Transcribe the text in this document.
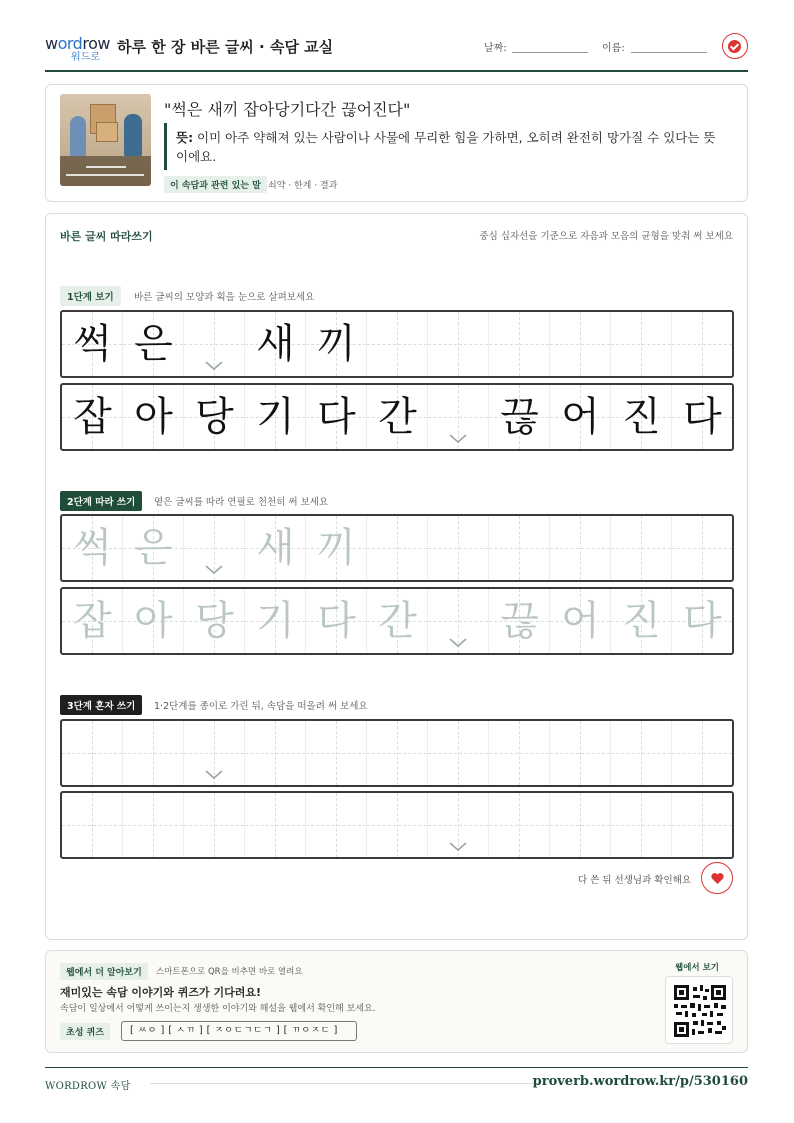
wordrow
워드로
하루 한 장 바른 글씨 · 속담 교실	날짜:	이름:
"썩은 새끼 잡아당기다간 끊어진다"
뜻: 이미 아주 약해져 있는 사람이나 사물에 무리한 힘을 가하면, 오히려 완전히 망가질 수 있다는 뜻이에요.
이 속담과 관련 있는 말 쇠약 · 한계 · 결과
바른 글씨 따라쓰기	중심 십자선을 기준으로 자음과 모음의 균형을 맞춰 써 보세요
1단계 보기	바른 글씨의 모양과 획을 눈으로 살펴보세요
썩 은 새 끼
잡 아 당 기 다 간 끊 어 진 다
2단계 따라 쓰기	옅은 글씨를 따라 연필로 천천히 써 보세요
썩 은 새 끼
잡 아 당 기 다 간 끊 어 진 다
3단계 혼자 쓰기	1·2단계를 종이로 가린 뒤, 속담을 떠올려 써 보세요
다 쓴 뒤 선생님과 확인해요
웹에서 더 알아보기	스마트폰으로 QR을 비추면 바로 열려요
재미있는 속담 이야기와 퀴즈가 기다려요!
속담이 일상에서 어떻게 쓰이는지 생생한 이야기와 해설을 웹에서 확인해 보세요.
초성 퀴즈	[ ㅆㅇ ] [ ㅅㄲ ] [ ㅈㅇㄷㄱㄷㄱ ] [ ㄲㅇㅈㄷ ]
웹에서 보기
WORDROW 속담	proverb.wordrow.kr/p/530160
